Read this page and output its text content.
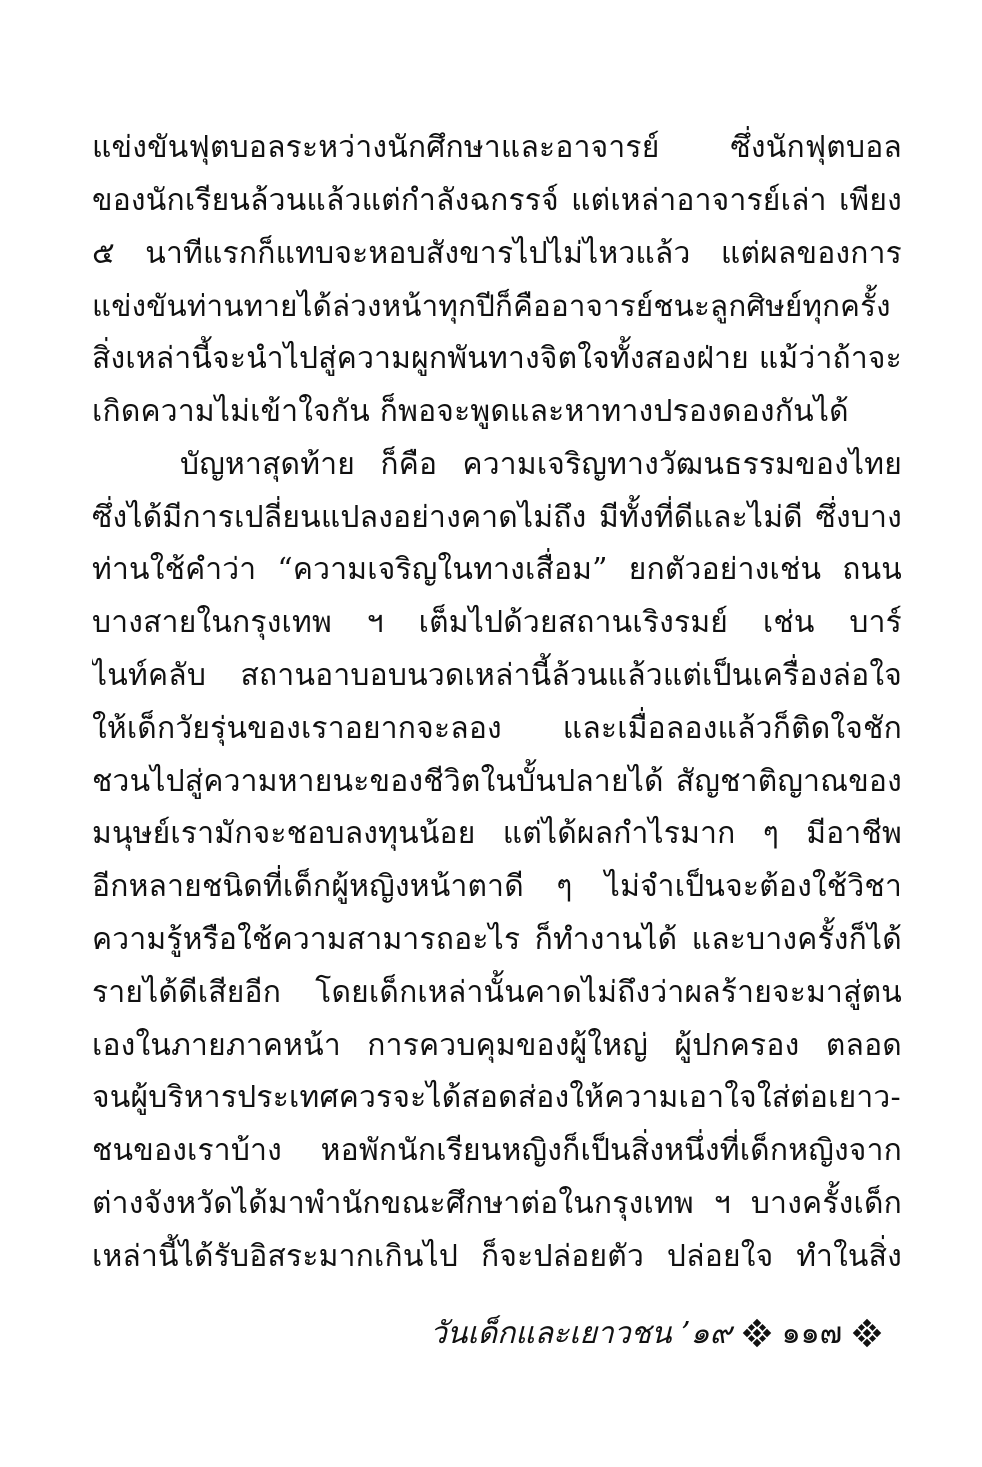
แข่งขันฟุตบอลระหว่างนักศึกษาและอาจารย์ ซึ่งนักฟุตบอล
ของนักเรียนล้วนแล้วแต่กำลังฉกรรจ์ แต่เหล่าอาจารย์เล่า เพียง
๕ นาทีแรกก็แทบจะหอบสังขารไปไม่ไหวแล้ว แต่ผลของการ
แข่งขันท่านทายได้ล่วงหน้าทุกปีก็คืออาจารย์ชนะลูกศิษย์ทุกครั้ง
สิ่งเหล่านี้จะนำไปสู่ความผูกพันทางจิตใจทั้งสองฝ่าย แม้ว่าถ้าจะ
เกิดความไม่เข้าใจกัน ก็พอจะพูดและหาทางปรองดองกันได้
บัญหาสุดท้าย ก็คือ ความเจริญทางวัฒนธรรมของไทย
ซึ่งได้มีการเปลี่ยนแปลงอย่างคาดไม่ถึง มีทั้งที่ดีและไม่ดี ซึ่งบาง
ท่านใช้คำว่า “ความเจริญในทางเสื่อม” ยกตัวอย่างเช่น ถนน
บางสายในกรุงเทพ ฯ เต็มไปด้วยสถานเริงรมย์ เช่น บาร์
ไนท์คลับ สถานอาบอบนวดเหล่านี้ล้วนแล้วแต่เป็นเครื่องล่อใจ
ให้เด็กวัยรุ่นของเราอยากจะลอง และเมื่อลองแล้วก็ติดใจชัก
ชวนไปสู่ความหายนะของชีวิตในบั้นปลายได้ สัญชาติญาณของ
มนุษย์เรามักจะชอบลงทุนน้อย แต่ได้ผลกำไรมาก ๆ มีอาชีพ
อีกหลายชนิดที่เด็กผู้หญิงหน้าตาดี ๆ ไม่จำเป็นจะต้องใช้วิชา
ความรู้หรือใช้ความสามารถอะไร ก็ทำงานได้ และบางครั้งก็ได้
รายได้ดีเสียอีก โดยเด็กเหล่านั้นคาดไม่ถึงว่าผลร้ายจะมาสู่ตน
เองในภายภาคหน้า การควบคุมของผู้ใหญ่ ผู้ปกครอง ตลอด
จนผู้บริหารประเทศควรจะได้สอดส่องให้ความเอาใจใส่ต่อเยาว-
ชนของเราบ้าง หอพักนักเรียนหญิงก็เป็นสิ่งหนึ่งที่เด็กหญิงจาก
ต่างจังหวัดได้มาพำนักขณะศึกษาต่อในกรุงเทพ ฯ บางครั้งเด็ก
เหล่านี้ได้รับอิสระมากเกินไป ก็จะปล่อยตัว ปล่อยใจ ทำในสิ่ง
วันเด็กและเยาวชน ’๑๙ ๑๑๗
